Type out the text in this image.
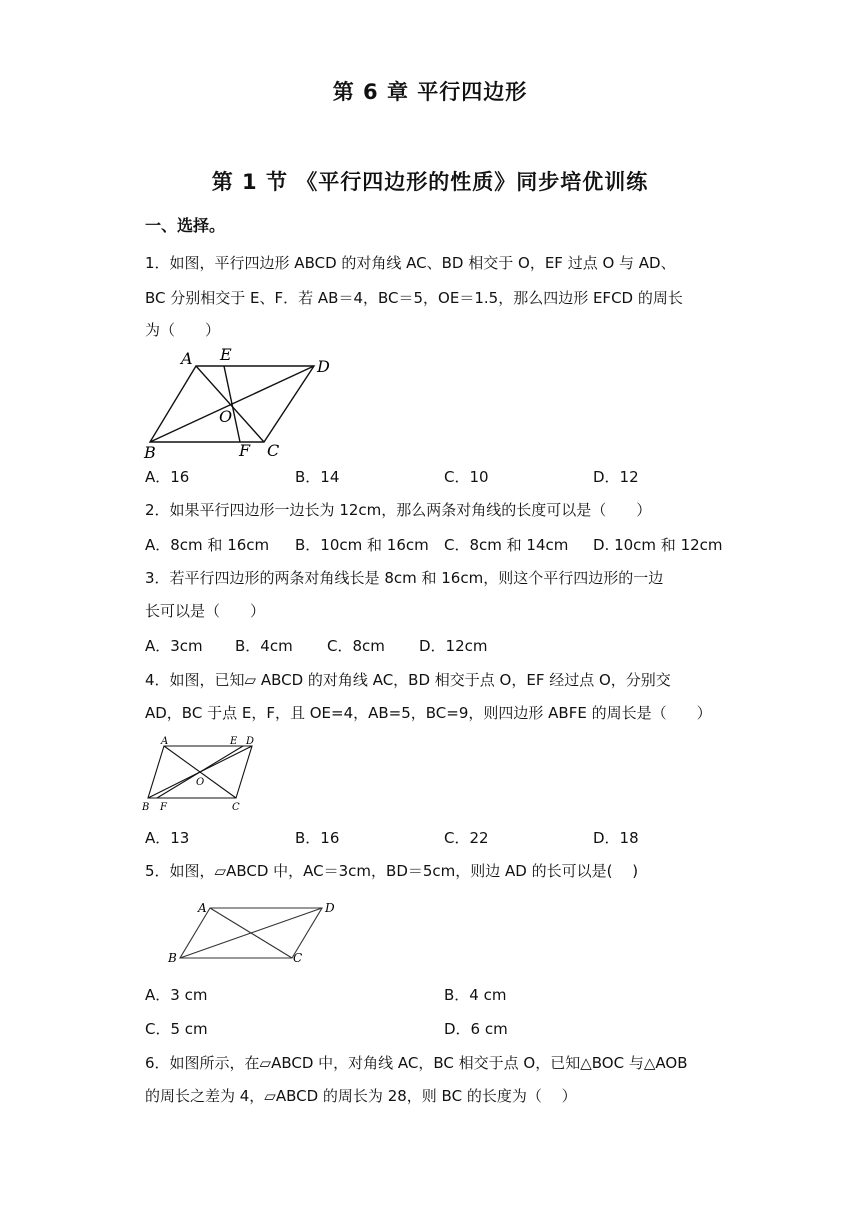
第 6 章 平行四边形
第 1 节 《平行四边形的性质》同步培优训练
一、选择。
1．如图，平行四边形 ABCD 的对角线 AC、BD 相交于 O，EF 过点 O 与 AD、
BC 分别相交于 E、F．若 AB＝4，BC＝5，OE＝1.5，那么四边形 EFCD 的周长
为（　　）
A E
D
O
B	F C
A．16	B．14	C．10	D．12
2．如果平行四边形一边长为 12cm，那么两条对角线的长度可以是（　　）
A．8cm 和 16cm B．10cm 和 16cm C．8cm 和 14cm D. 10cm 和 12cm
3．若平行四边形的两条对角线长是 8cm 和 16cm，则这个平行四边形的一边
长可以是（　　）
A．3cm B．4cm C．8cm D．12cm
4．如图，已知▱ ABCD 的对角线 AC，BD 相交于点 O，EF 经过点 O，分别交
AD，BC 于点 E，F，且 OE=4，AB=5，BC=9，则四边形 ABFE 的周长是（　　）
A	E D
O
B F	C
A．13	B．16	C．22	D．18
5．如图，▱ABCD 中，AC＝3cm，BD＝5cm，则边 AD 的长可以是(　 )
A	D
B	C
A．3 cm	B．4 cm
C．5 cm	D．6 cm
6．如图所示，在▱ABCD 中，对角线 AC，BC 相交于点 O，已知△BOC 与△AOB
的周长之差为 4，▱ABCD 的周长为 28，则 BC 的长度为（　 ）
